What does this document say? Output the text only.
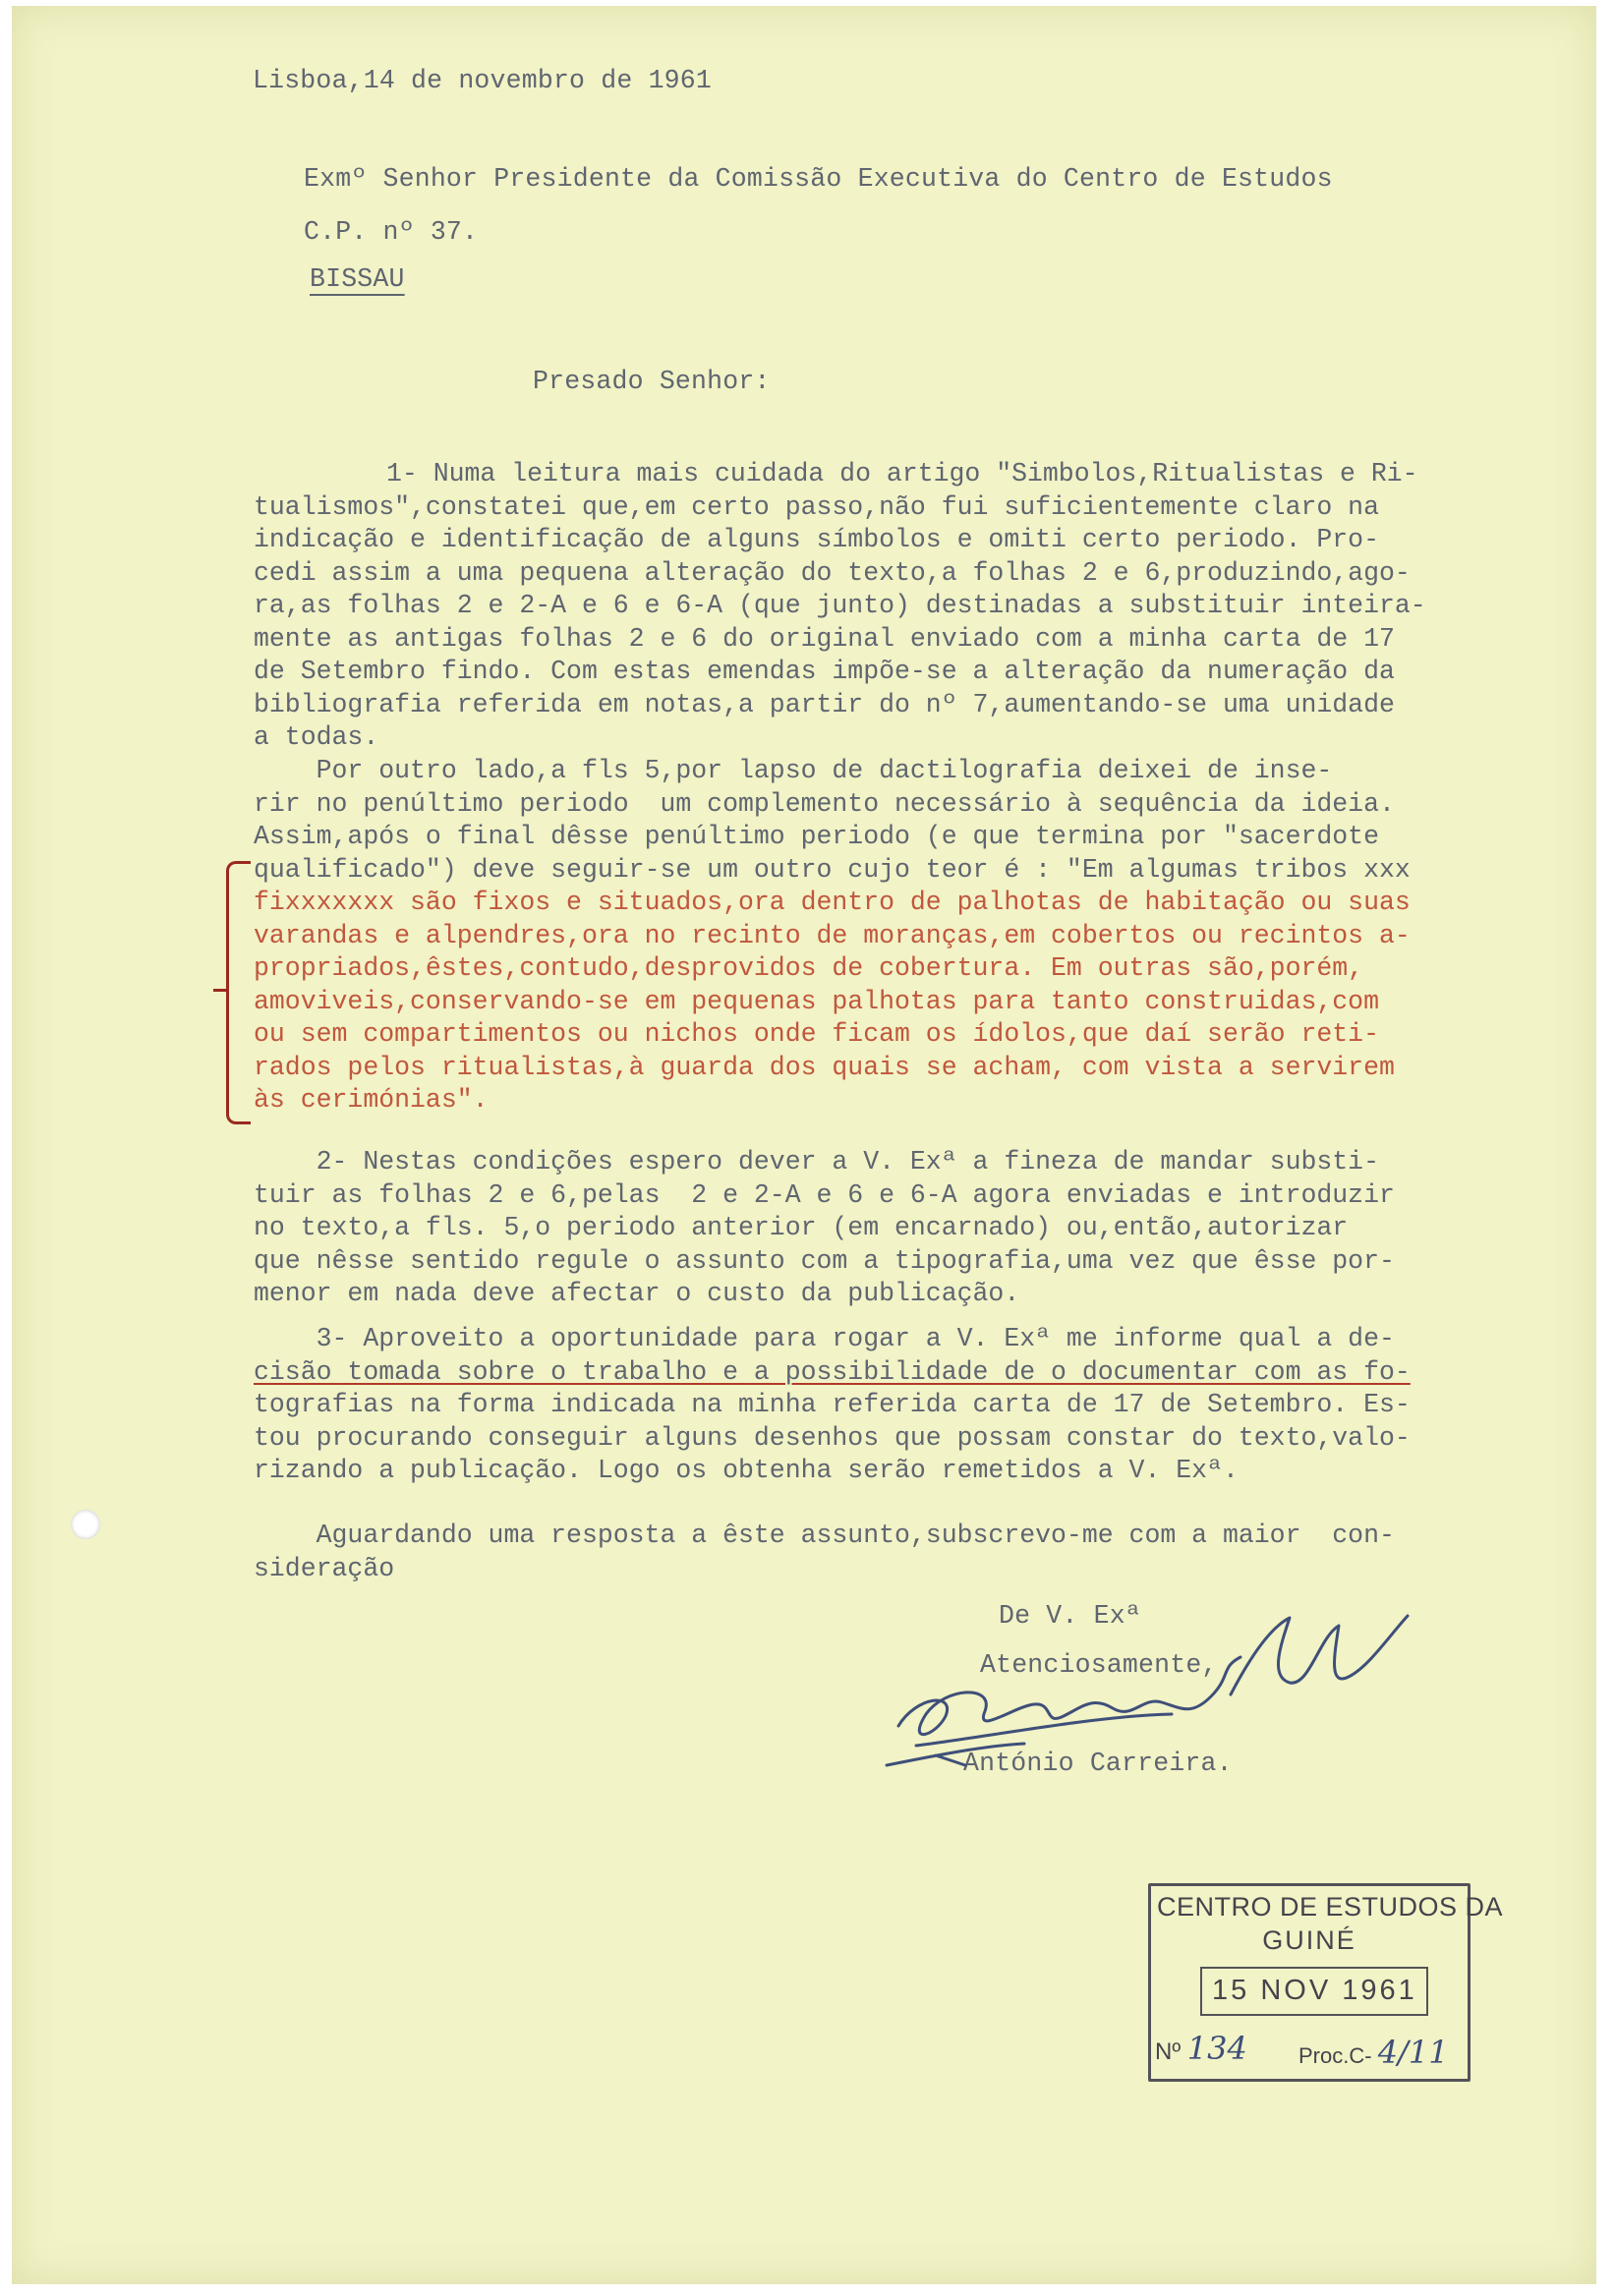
Lisboa,14 de novembro de 1961
Exmº Senhor Presidente da Comissão Executiva do Centro de Estudos
C.P. nº 37.
BISSAU
Presado Senhor:
1- Numa leitura mais cuidada do artigo "Simbolos,Ritualistas e Ri-
tualismos",constatei que,em certo passo,não fui suficientemente claro na
indicação e identificação de alguns símbolos e omiti certo periodo. Pro-
cedi assim a uma pequena alteração do texto,a folhas 2 e 6,produzindo,ago-
ra,as folhas 2 e 2-A e 6 e 6-A (que junto) destinadas a substituir inteira-
mente as antigas folhas 2 e 6 do original enviado com a minha carta de 17
de Setembro findo. Com estas emendas impõe-se a alteração da numeração da
bibliografia referida em notas,a partir do nº 7,aumentando-se uma unidade
a todas.
Por outro lado,a fls 5,por lapso de dactilografia deixei de inse-
rir no penúltimo periodo  um complemento necessário à sequência da ideia.
Assim,após o final dêsse penúltimo periodo (e que termina por "sacerdote
qualificado") deve seguir-se um outro cujo teor é : "Em algumas tribos xxx
fixxxxxxx são fixos e situados,ora dentro de palhotas de habitação ou suas
varandas e alpendres,ora no recinto de moranças,em cobertos ou recintos a-
propriados,êstes,contudo,desprovidos de cobertura. Em outras são,porém,
amoviveis,conservando-se em pequenas palhotas para tanto construidas,com
ou sem compartimentos ou nichos onde ficam os ídolos,que daí serão reti-
rados pelos ritualistas,à guarda dos quais se acham, com vista a servirem
às cerimónias".
2- Nestas condições espero dever a V. Exª a fineza de mandar substi-
tuir as folhas 2 e 6,pelas  2 e 2-A e 6 e 6-A agora enviadas e introduzir
no texto,a fls. 5,o periodo anterior (em encarnado) ou,então,autorizar
que nêsse sentido regule o assunto com a tipografia,uma vez que êsse por-
menor em nada deve afectar o custo da publicação.
3- Aproveito a oportunidade para rogar a V. Exª me informe qual a de-
cisão tomada sobre o trabalho e a possibilidade de o documentar com as fo-
tografias na forma indicada na minha referida carta de 17 de Setembro. Es-
tou procurando conseguir alguns desenhos que possam constar do texto,valo-
rizando a publicação. Logo os obtenha serão remetidos a V. Exª.
Aguardando uma resposta a êste assunto,subscrevo-me com a maior  con-
sideração
De V. Exª
Atenciosamente,
António Carreira.
CENTRO DE ESTUDOS DA
GUINÉ
15 NOV 1961
Nº 134 Proc.C- 4/11
